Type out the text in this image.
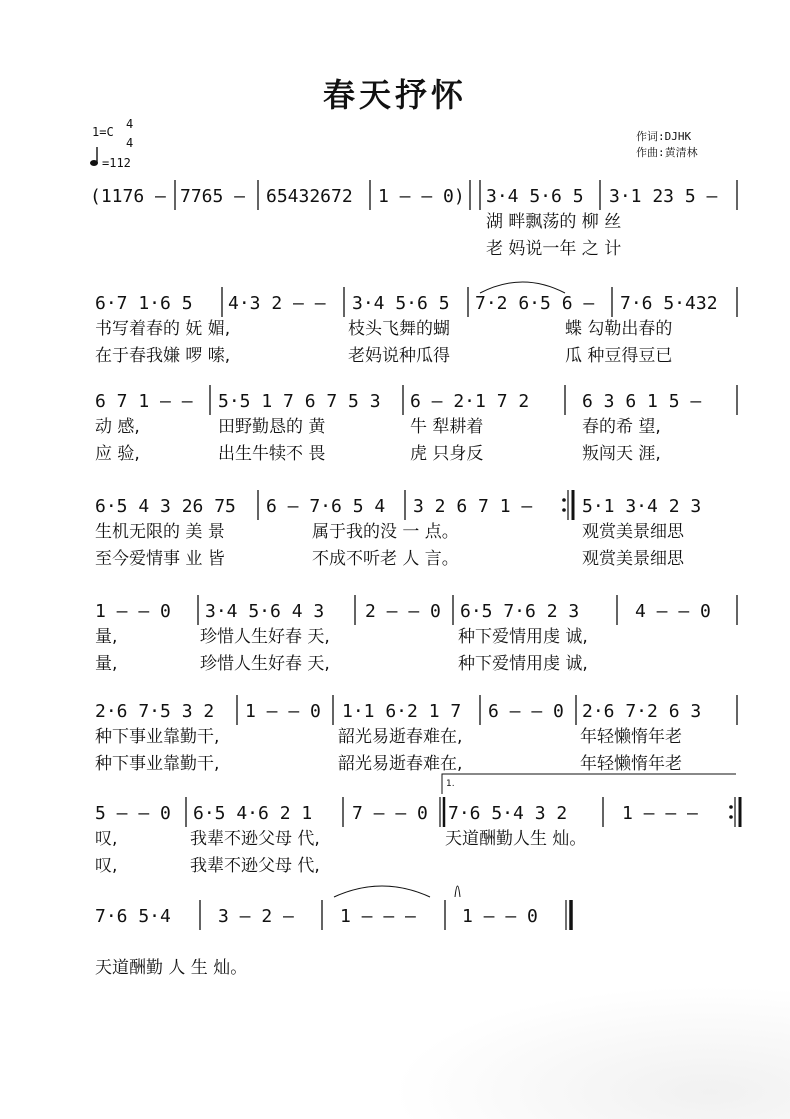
春天抒怀
1=C
4
4
=112
作词:DJHK
作曲:黄清林
(1176 – 7765 – 65432672 1 – – 0) 3·4 5·6 5 3·1 23 5 –
湖 畔飘荡的 柳 丝
老 妈说一年 之 计
6·7 1·6 5 4·3 2 – – 3·4 5·6 5 7·2 6·5 6 – 7·6 5·432
书写着春的 妩 媚,	枝头飞舞的蝴	蝶 勾勒出春的
在于春我嫌 啰 嗦,	老妈说种瓜得	瓜 种豆得豆已
6 7 1 – – 5·5 1 7 6 7 5 3 6 – 2·1 7 2	6 3 6 1 5 –
动 感,	田野勤恳的 黄	牛 犁耕着	春的希 望,
应 验,	出生牛犊不 畏	虎 只身反	叛闯天 涯,
6·5 4 3 26 75 6 – 7·6 5 4 3 2 6 7 1 –	5·1 3·4 2 3
生机无限的 美 景	属于我的没 一 点。	观赏美景细思
至今爱情事 业 皆	不成不听老 人 言。	观赏美景细思
1 – – 0 3·4 5·6 4 3 2 – – 0 6·5 7·6 2 3	4 – – 0
量,	珍惜人生好春 天,	种下爱情用虔 诚,
量,	珍惜人生好春 天,	种下爱情用虔 诚,
2·6 7·5 3 2 1 – – 0 1·1 6·2 1 7 6 – – 0 2·6 7·2 6 3
种下事业靠勤干,	韶光易逝春难在,	年轻懒惰年老
种下事业靠勤干,	韶光易逝春难在,	年轻懒惰年老
5 – – 0 6·5 4·6 2 1 7 – – 0 7·6 5·4 3 2	1 – – –
1.
叹,	我辈不逊父母 代,	天道酬勤人生 灿。
叹,	我辈不逊父母 代,
7·6 5·4	3 – 2 –	1 – – –	1 – – 0
天道酬勤 人 生 灿。
